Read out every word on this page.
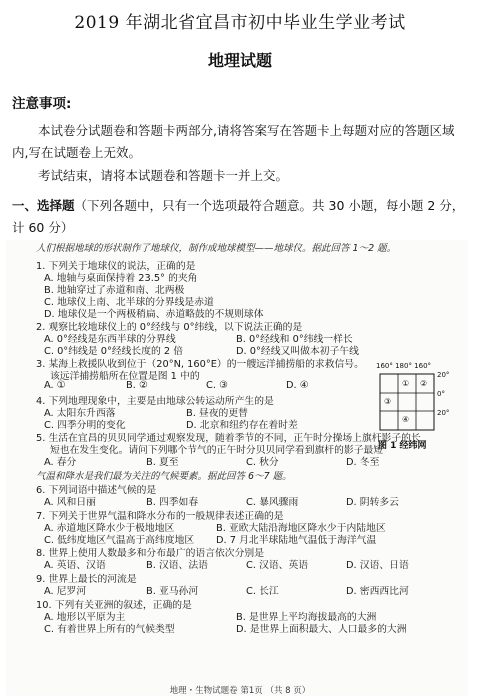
2019 年湖北省宜昌市初中毕业生学业考试
地理试题
注意事项:
本试卷分试题卷和答题卡两部分,请将答案写在答题卡上每题对应的答题区域内,写在试题卷上无效。
考试结束，请将本试题卷和答题卡一并上交。
一、选择题（下列各题中，只有一个选项最符合题意。共 30 小题，每小题 2 分，计 60 分）
人们根据地球的形状制作了地球仪，制作成地球模型——地球仪。据此回答 1～2 题。
1. 下列关于地球仪的说法，正确的是
A. 地轴与桌面保持着 23.5° 的夹角
B. 地轴穿过了赤道和南、北两极
C. 地球仪上南、北半球的分界线是赤道
D. 地球仪是一个两极稍扁、赤道略鼓的不规则球体
2. 观察比较地球仪上的 0°经线与 0°纬线，以下说法正确的是
A. 0°经线是东西半球的分界线	B. 0°经线和 0°纬线一样长
C. 0°纬线是 0°经线长度的 2 倍	D. 0°经线又叫做本初子午线
3. 某海上救援队收到位于（20°N, 160°E）的一艘远洋捕捞船的求救信号。
该远洋捕捞船所在位置是图 1 中的
A. ①	B. ②	C. ③	D. ④
160° 180° 160°
20°
0°
20°
① ②
③
④
图 1 经纬网
4. 下列地理现象中，主要是由地球公转运动所产生的是
A. 太阳东升西落	B. 昼夜的更替
C. 四季分明的变化	D. 北京和纽约存在着时差
5. 生活在宜昌的贝贝同学通过观察发现，随着季节的不同，正午时分操场上旗杆影子的长
短也在发生变化。请问下列哪个节气的正午时分贝贝同学看到旗杆的影子最短
A. 春分	B. 夏至	C. 秋分	D. 冬至
气温和降水是我们最为关注的气候要素。据此回答 6～7 题。
6. 下列词语中描述气候的是
A. 风和日丽	B. 四季如春	C. 暴风骤雨	D. 阴转多云
7. 下列关于世界气温和降水分布的一般规律表述正确的是
A. 赤道地区降水少于极地地区	B. 亚欧大陆沿海地区降水少于内陆地区
C. 低纬度地区气温高于高纬度地区 D. 7 月北半球陆地气温低于海洋气温
8. 世界上使用人数最多和分布最广的语言依次分别是
A. 英语、汉语	B. 汉语、法语	C. 汉语、英语	D. 汉语、日语
9. 世界上最长的河流是
A. 尼罗河	B. 亚马孙河	C. 长江	D. 密西西比河
10. 下列有关亚洲的叙述，正确的是
A. 地形以平原为主	B. 是世界上平均海拔最高的大洲
C. 有着世界上所有的气候类型	D. 是世界上面积最大、人口最多的大洲
地理・生物试题卷 第1页 （共 8 页）
